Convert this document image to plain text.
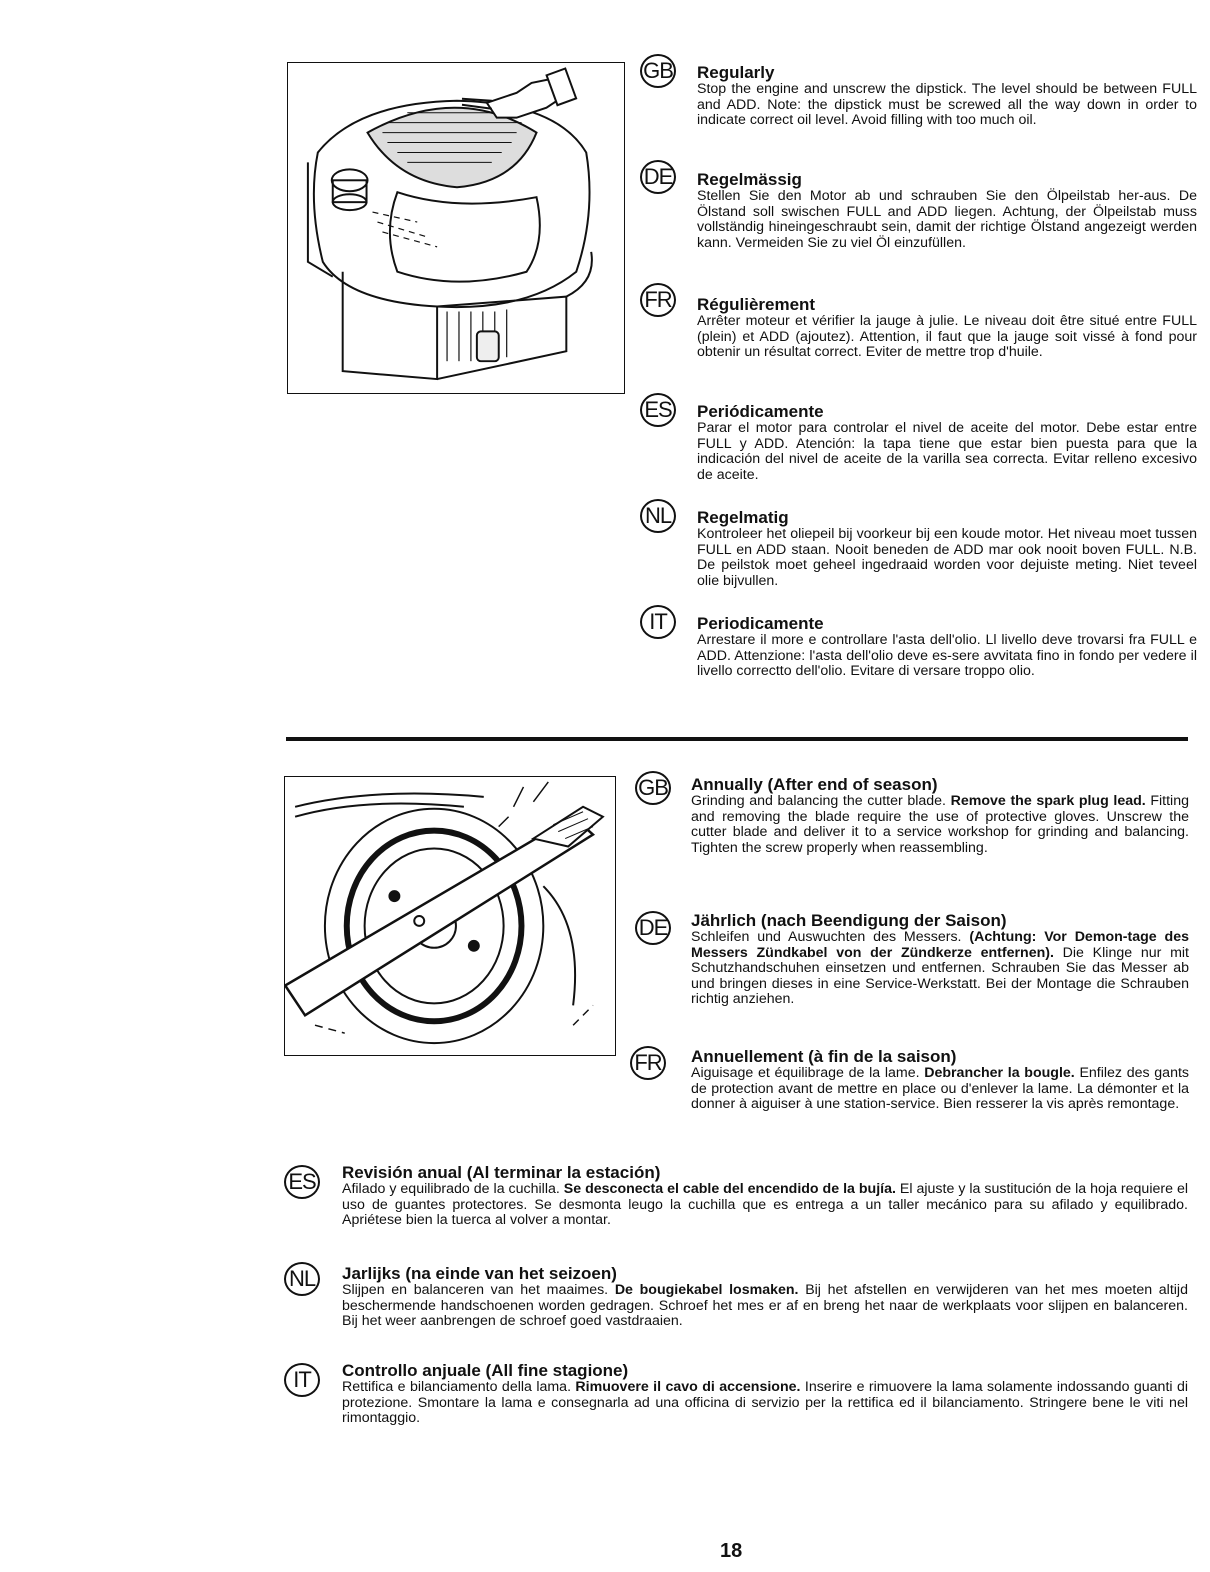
GB Regularly

Stop the engine and unscrew the dipstick. The level should be between FULL and ADD. Note: the dipstick must be screwed all the way down in order to indicate correct oil level. Avoid filling with too much oil.

DE Regelmässig

Stellen Sie den Motor ab und schrauben Sie den Ölpeilstab her-aus. De Ölstand soll swischen FULL and ADD liegen. Achtung, der Ölpeilstab muss vollständig hineingeschraubt sein, damit der richtige Ölstand angezeigt werden kann. Vermeiden Sie zu viel Öl einzufüllen.

FR Régulièrement

Arrêter moteur et vérifier la jauge à julie. Le niveau doit être situé entre FULL (plein) et ADD (ajoutez). Attention, il faut que la jauge soit vissé à fond pour obtenir un résultat correct. Eviter de mettre trop d'huile.

ES Periódicamente

Parar el motor para controlar el nivel de aceite del motor. Debe estar entre FULL y ADD. Atención: la tapa tiene que estar bien puesta para que la indicación del nivel de aceite de la varilla sea correcta. Evitar relleno excesivo de aceite.

NL Regelmatig

Kontroleer het oliepeil bij voorkeur bij een koude motor. Het niveau moet tussen FULL en ADD staan. Nooit beneden de ADD mar ook nooit boven FULL. N.B. De peilstok moet geheel ingedraaid worden voor dejuiste meting. Niet teveel olie bijvullen.

IT	Periodicamente

Arrestare il more e controllare l'asta dell'olio. Ll livello deve trovarsi fra FULL e ADD. Attenzione: l'asta dell'olio deve es-sere avvitata fino in fondo per vedere il livello correctto dell'olio. Evitare di versare troppo olio.

GB Annually (After end of season)

Grinding and balancing the cutter blade. Remove the spark plug lead. Fitting and removing the blade require the use of protective gloves. Unscrew the cutter blade and deliver it to a service workshop for grinding and balancing. Tighten the screw properly when reassembling.

DE Jährlich (nach Beendigung der Saison)

Schleifen und Auswuchten des Messers. (Achtung: Vor Demon-tage des Messers Zündkabel von der Zündkerze entfernen). Die Klinge nur mit Schutzhandschuhen einsetzen und entfernen. Schrauben Sie das Messer ab und bringen dieses in eine Service-Werkstatt. Bei der Montage die Schrauben richtig anziehen.

FR Annuellement (à fin de la saison)

Aiguisage et équilibrage de la lame. Debrancher la bougle. Enfilez des gants de protection avant de mettre en place ou d'enlever la lame. La démonter et la donner à aiguiser à une station-service. Bien resserer la vis après remontage.

ES Revisión anual (Al terminar la estación)

Afilado y equilibrado de la cuchilla. Se desconecta el cable del encendido de la bujía. El ajuste y la sustitución de la hoja requiere el uso de guantes protectores. Se desmonta leugo la cuchilla que es entrega a un taller mecánico para su afilado y equilibrado. Apriétese bien la tuerca al volver a montar.

NL Jarlijks (na einde van het seizoen)

Slijpen en balanceren van het maaimes. De bougiekabel losmaken. Bij het afstellen en verwijderen van het mes moeten altijd beschermende handschoenen worden gedragen. Schroef het mes er af en breng het naar de werkplaats voor slijpen en balanceren. Bij het weer aanbrengen de schroef goed vastdraaien.

IT	Controllo anjuale (All fine stagione)

Rettifica e bilanciamento della lama. Rimuovere il cavo di accensione. Inserire e rimuovere la lama solamente indossando guanti di protezione. Smontare la lama e consegnarla ad una officina di servizio per la rettifica ed il bilanciamento. Stringere bene le viti nel rimontaggio.

18
